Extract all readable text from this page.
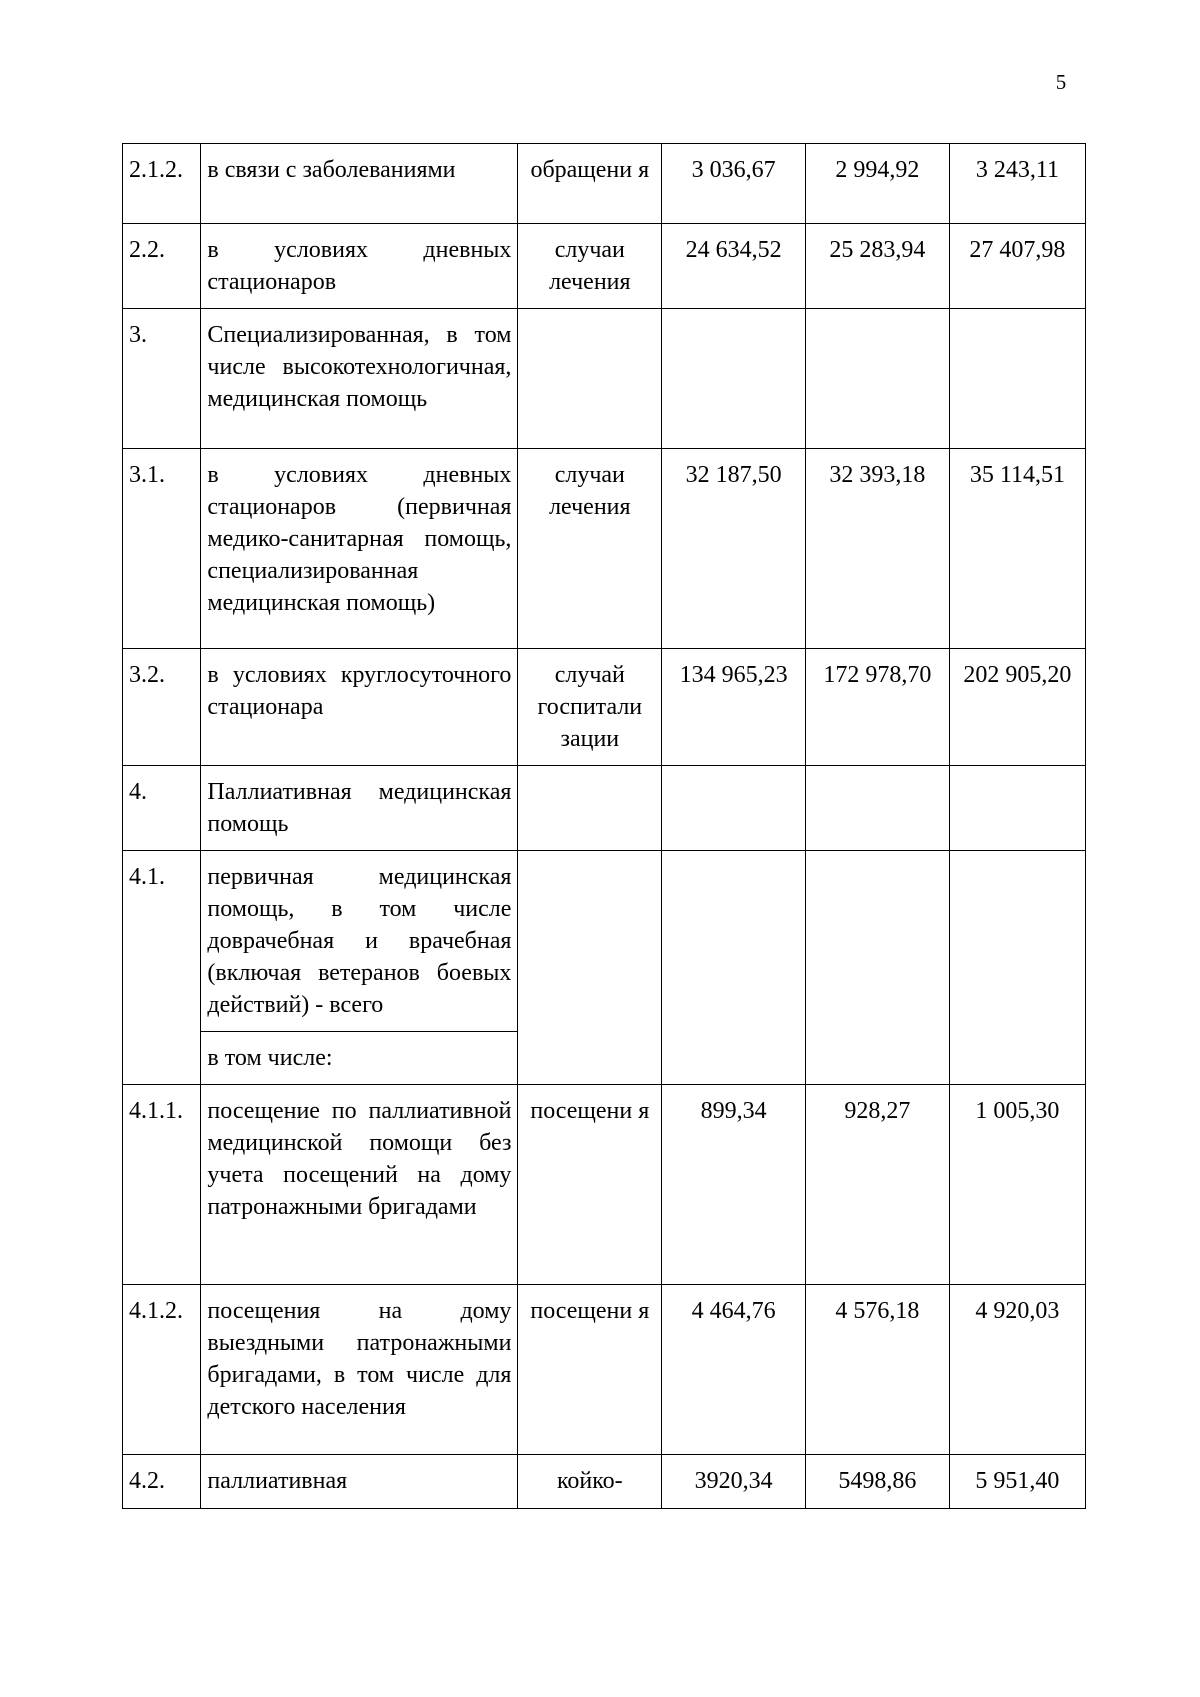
5
2.1.2.	в связи с заболеваниями	обращени я	3 036,67	2 994,92	3 243,11
2.2.	в условиях дневных стационаров	случаи лечения	24 634,52	25 283,94	27 407,98
3.	Специализированная, в том числе высокотехнологичная, медицинская помощь				
3.1.	в условиях дневных стационаров (первичная медико-санитарная помощь, специализированная медицинская помощь)	случаи лечения	32 187,50	32 393,18	35 114,51
3.2.	в условиях круглосуточного стационара	случай госпитали зации	134 965,23	172 978,70	202 905,20
4.	Паллиативная медицинская помощь				
4.1.	первичная медицинская помощь, в том числе доврачебная и врачебная (включая ветеранов боевых действий) - всего				
	в том числе:				
4.1.1.	посещение по паллиативной медицинской помощи без учета посещений на дому патронажными бригадами	посещени я	899,34	928,27	1 005,30
4.1.2.	посещения на дому выездными патронажными бригадами, в том числе для детского населения	посещени я	4 464,76	4 576,18	4 920,03
4.2.	паллиативная	койко-	3920,34	5498,86	5 951,40
